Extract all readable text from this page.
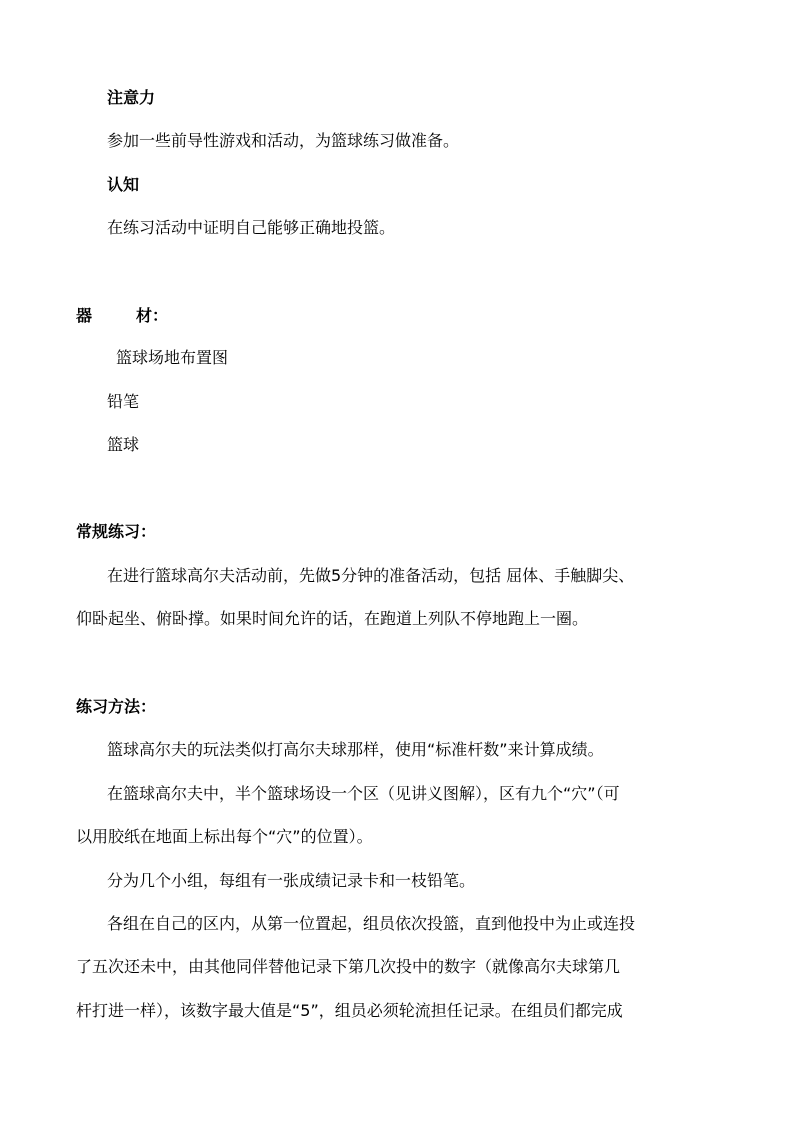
注意力
参加一些前导性游戏和活动，为篮球练习做准备。
认知
在练习活动中证明自己能够正确地投篮。
器	材：
篮球场地布置图
铅笔
篮球
常规练习：
在进行篮球高尔夫活动前，先做5分钟的准备活动，包括 屈体、手触脚尖、
仰卧起坐、俯卧撑。如果时间允许的话，在跑道上列队不停地跑上一圈。
练习方法：
篮球高尔夫的玩法类似打高尔夫球那样，使用“标准杆数”来计算成绩。
在篮球高尔夫中，半个篮球场设一个区（见讲义图解），区有九个“穴”（可
以用胶纸在地面上标出每个“穴”的位置）。
分为几个小组，每组有一张成绩记录卡和一枝铅笔。
各组在自己的区内，从第一位置起，组员依次投篮，直到他投中为止或连投
了五次还未中，由其他同伴替他记录下第几次投中的数字（就像高尔夫球第几
杆打进一样），该数字最大值是“5”，组员必须轮流担任记录。在组员们都完成
